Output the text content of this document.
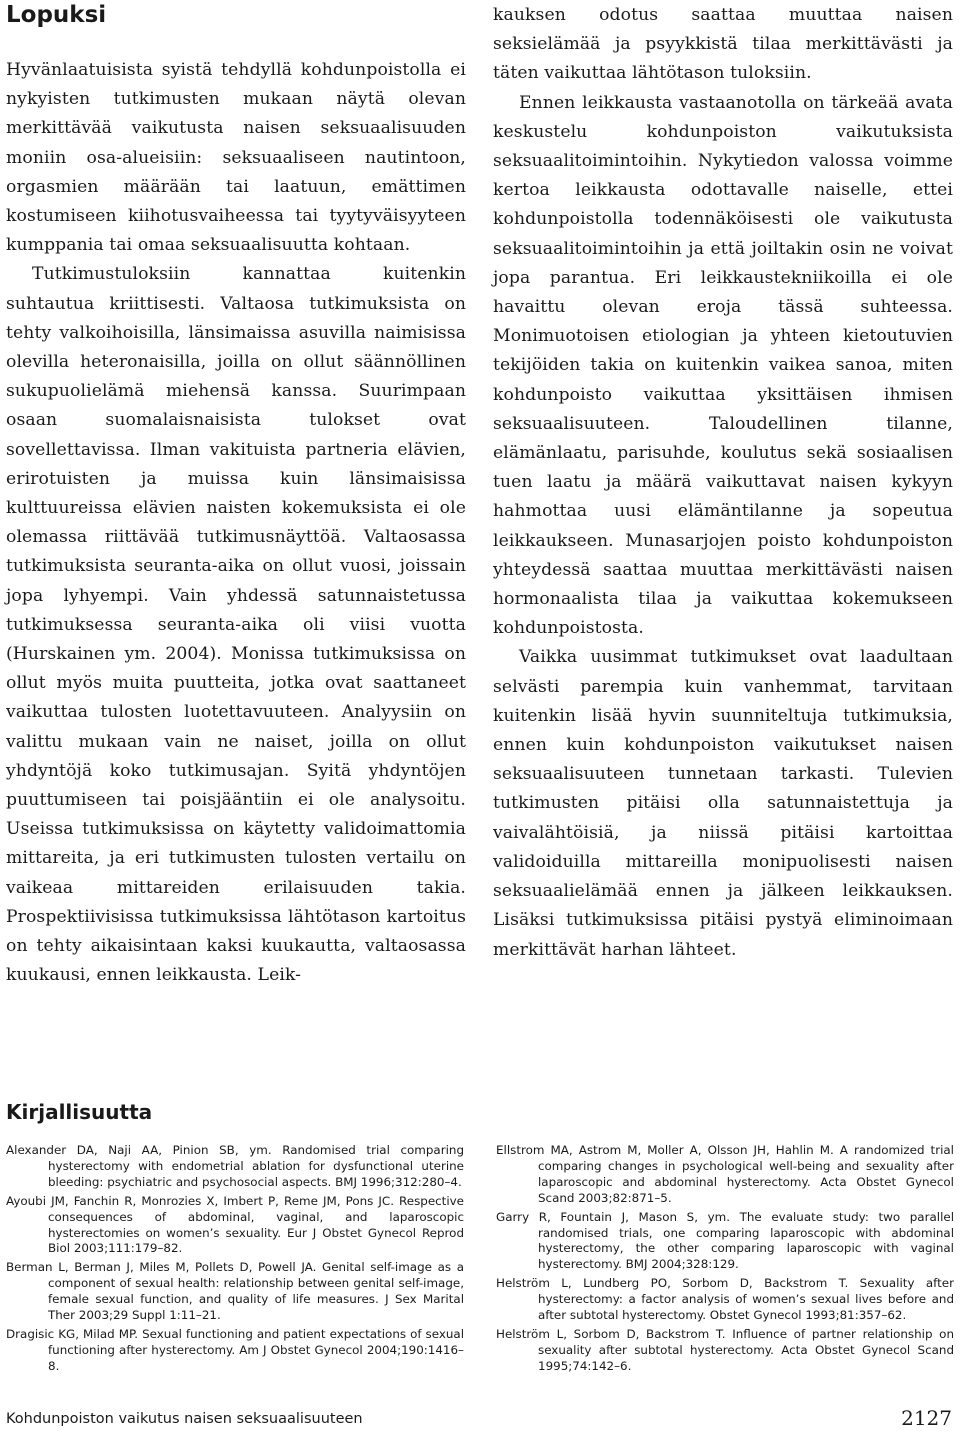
Lopuksi

Hyvänlaatuisista syistä tehdyllä kohdunpoistolla ei nykyisten tutkimusten mukaan näytä olevan merkittävää vaikutusta naisen seksuaalisuuden moniin osa-alueisiin: seksuaaliseen nautintoon, orgasmien määrään tai laatuun, emättimen kostumiseen kiihotusvaiheessa tai tyytyväisyyteen kumppania tai omaa seksuaalisuutta kohtaan.

Tutkimustuloksiin kannattaa kuitenkin suhtautua kriittisesti. Valtaosa tutkimuksista on tehty valkoihoisilla, länsimaissa asuvilla naimisissa olevilla heteronaisilla, joilla on ollut säännöllinen sukupuolielämä miehensä kanssa. Suurimpaan osaan suomalaisnaisista tulokset ovat sovellettavissa. Ilman vakituista partneria elävien, erirotuisten ja muissa kuin länsimaisissa kulttuureissa elävien naisten kokemuksista ei ole olemassa riittävää tutkimusnäyttöä. Valtaosassa tutkimuksista seuranta-aika on ollut vuosi, joissain jopa lyhyempi. Vain yhdessä satunnaistetussa tutkimuksessa seuranta-aika oli viisi vuotta (Hurskainen ym. 2004). Monissa tutkimuksissa on ollut myös muita puutteita, jotka ovat saattaneet vaikuttaa tulosten luotettavuuteen. Analyysiin on valittu mukaan vain ne naiset, joilla on ollut yhdyntöjä koko tutkimusajan. Syitä yhdyntöjen puuttumiseen tai poisjääntiin ei ole analysoitu. Useissa tutkimuksissa on käytetty validoimattomia mittareita, ja eri tutkimusten tulosten vertailu on vaikeaa mittareiden erilaisuuden takia. Prospektiivisissa tutkimuksissa lähtötason kartoitus on tehty aikaisintaan kaksi kuukautta, valtaosassa kuukausi, ennen leikkausta. Leik-

kauksen odotus saattaa muuttaa naisen seksielämää ja psyykkistä tilaa merkittävästi ja täten vaikuttaa lähtötason tuloksiin.

Ennen leikkausta vastaanotolla on tärkeää avata keskustelu kohdunpoiston vaikutuksista seksuaalitoimintoihin. Nykytiedon valossa voimme kertoa leikkausta odottavalle naiselle, ettei kohdunpoistolla todennäköisesti ole vaikutusta seksuaalitoimintoihin ja että joiltakin osin ne voivat jopa parantua. Eri leikkaustekniikoilla ei ole havaittu olevan eroja tässä suhteessa. Monimuotoisen etiologian ja yhteen kietoutuvien tekijöiden takia on kuitenkin vaikea sanoa, miten kohdunpoisto vaikuttaa yksittäisen ihmisen seksuaalisuuteen. Taloudellinen tilanne, elämänlaatu, parisuhde, koulutus sekä sosiaalisen tuen laatu ja määrä vaikuttavat naisen kykyyn hahmottaa uusi elämäntilanne ja sopeutua leikkaukseen. Munasarjojen poisto kohdunpoiston yhteydessä saattaa muuttaa merkittävästi naisen hormonaalista tilaa ja vaikuttaa kokemukseen kohdunpoistosta.

Vaikka uusimmat tutkimukset ovat laadultaan selvästi parempia kuin vanhemmat, tarvitaan kuitenkin lisää hyvin suunniteltuja tutkimuksia, ennen kuin kohdunpoiston vaikutukset naisen seksuaalisuuteen tunnetaan tarkasti. Tulevien tutkimusten pitäisi olla satunnaistettuja ja vaivalähtöisiä, ja niissä pitäisi kartoittaa validoiduilla mittareilla monipuolisesti naisen seksuaalielämää ennen ja jälkeen leikkauksen. Lisäksi tutkimuksissa pitäisi pystyä eliminoimaan merkittävät harhan lähteet.

Kirjallisuutta

Alexander DA, Naji AA, Pinion SB, ym. Randomised trial comparing hysterectomy with endometrial ablation for dysfunctional uterine bleeding: psychiatric and psychosocial aspects. BMJ 1996;312:280–4.

Ayoubi JM, Fanchin R, Monrozies X, Imbert P, Reme JM, Pons JC. Respective consequences of abdominal, vaginal, and laparoscopic hysterectomies on women’s sexuality. Eur J Obstet Gynecol Reprod Biol 2003;111:179–82.

Berman L, Berman J, Miles M, Pollets D, Powell JA. Genital self-image as a component of sexual health: relationship between genital self-image, female sexual function, and quality of life measures. J Sex Marital Ther 2003;29 Suppl 1:11–21.

Dragisic KG, Milad MP. Sexual functioning and patient expectations of sexual functioning after hysterectomy. Am J Obstet Gynecol 2004;190:1416–8.

Ellstrom MA, Astrom M, Moller A, Olsson JH, Hahlin M. A randomized trial comparing changes in psychological well-being and sexuality after laparoscopic and abdominal hysterectomy. Acta Obstet Gynecol Scand 2003;82:871–5.

Garry R, Fountain J, Mason S, ym. The evaluate study: two parallel randomised trials, one comparing laparoscopic with abdominal hysterectomy, the other comparing laparoscopic with vaginal hysterectomy. BMJ 2004;328:129.

Helström L, Lundberg PO, Sorbom D, Backstrom T. Sexuality after hysterectomy: a factor analysis of women’s sexual lives before and after subtotal hysterectomy. Obstet Gynecol 1993;81:357–62.

Helström L, Sorbom D, Backstrom T. Influence of partner relationship on sexuality after subtotal hysterectomy. Acta Obstet Gynecol Scand 1995;74:142–6.

Kohdunpoiston vaikutus naisen seksuaalisuuteen	2127
